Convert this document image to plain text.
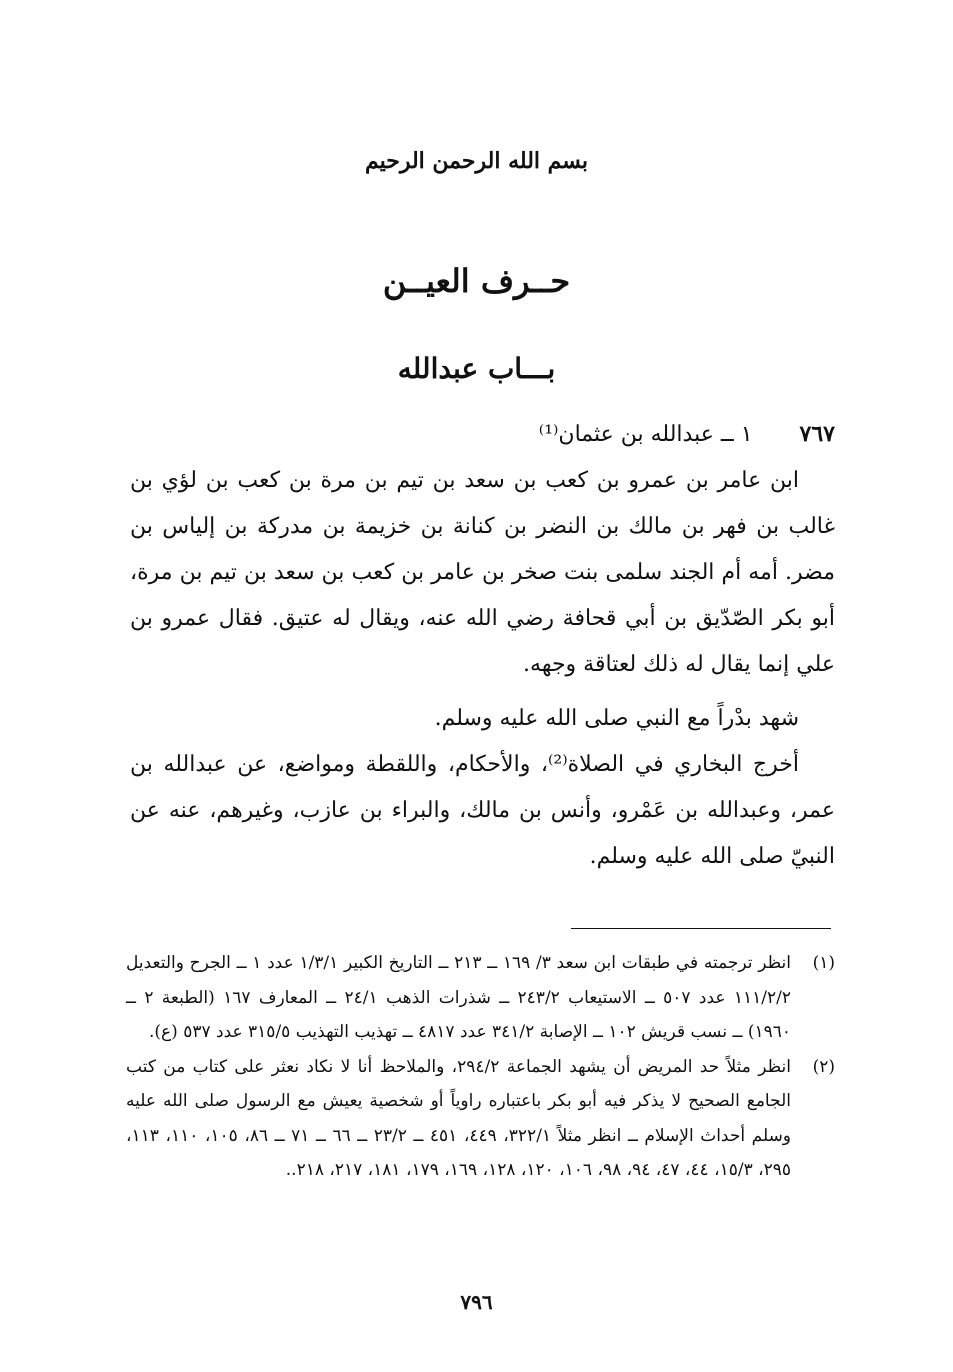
بسم الله الرحمن الرحيم
حــرف العيــن
بـــاب عبدالله
٧٦٧ ١ ــ عبدالله بن عثمان⁽¹⁾

ابن عامر بن عمرو بن كعب بن سعد بن تيم بن مرة بن كعب بن لؤي بن غالب بن فهر بن مالك بن النضر بن كنانة بن خزيمة بن مدركة بن إلياس بن مضر. أمه أم الجند سلمى بنت صخر بن عامر بن كعب بن سعد بن تيم بن مرة، أبو بكر الصّدّيق بن أبي قحافة رضي الله عنه، ويقال له عتيق. فقال عمرو بن علي إنما يقال له ذلك لعتاقة وجهه.

شهد بدْراً مع النبي صلى الله عليه وسلم.

أخرج البخاري في الصلاة⁽²⁾، والأحكام، واللقطة ومواضع، عن عبدالله بن عمر، وعبدالله بن عَمْرو، وأنس بن مالك، والبراء بن عازب، وغيرهم، عنه عن النبيّ صلى الله عليه وسلم.

(١)
انظر ترجمته في طبقات ابن سعد ٣/ ١٦٩ ــ ٢١٣ ــ التاريخ الكبير ١/٣/١ عدد ١ ــ الجرح والتعديل ١١١/٢/٢ عدد ٥٠٧ ــ الاستيعاب ٢٤٣/٢ ــ شذرات الذهب ٢٤/١ ــ المعارف ١٦٧ (الطبعة ٢ ــ ١٩٦٠) ــ نسب قريش ١٠٢ ــ الإصابة ٣٤١/٢ عدد ٤٨١٧ ــ تهذيب التهذيب ٣١٥/٥ عدد ٥٣٧ (ع).

(٢)
انظر مثلاً حد المريض أن يشهد الجماعة ٢٩٤/٢، والملاحظ أنا لا نكاد نعثر على كتاب من كتب الجامع الصحيح لا يذكر فيه أبو بكر باعتباره راوياً أو شخصية يعيش مع الرسول صلى الله عليه وسلم أحداث الإسلام ــ انظر مثلاً ٣٢٢/١، ٤٤٩، ٤٥١ ــ ٢٣/٢ ــ ٦٦ ــ ٧١ ــ ٨٦، ١٠٥، ١١٠، ١١٣، ٢٩٥، ١٥/٣، ٤٤، ٤٧، ٩٤، ٩٨، ١٠٦، ١٢٠، ١٢٨، ١٦٩، ١٧٩، ١٨١، ٢١٧، ٢١٨..

٧٩٦
